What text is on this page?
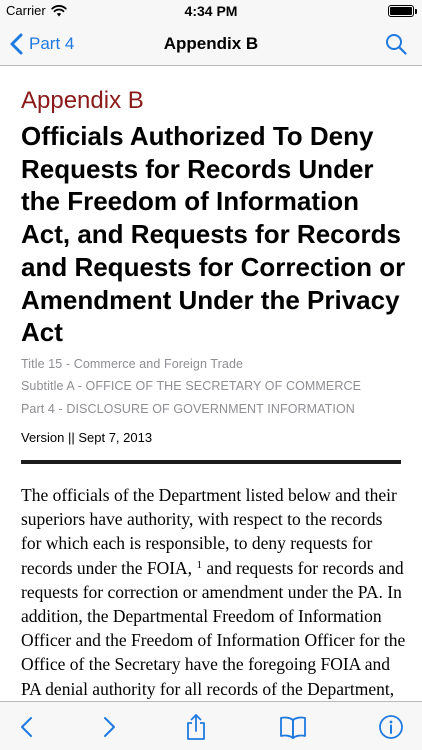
Carrier	4:34 PM
Part 4	Appendix B
Appendix B
Officials Authorized To Deny Requests for Records Under the Freedom of Information Act, and Requests for Records and Requests for Correction or Amendment Under the Privacy Act
Title 15 - Commerce and Foreign Trade
Subtitle A - OFFICE OF THE SECRETARY OF COMMERCE
Part 4 - DISCLOSURE OF GOVERNMENT INFORMATION
Version || Sept 7, 2013
The officials of the Department listed below and their superiors have authority, with respect to the records for which each is responsible, to deny requests for records under the FOIA, $^1$ and requests for records and requests for correction or amendment under the PA. In addition, the Departmental Freedom of Information Officer and the Freedom of Information Officer for the Office of the Secretary have the foregoing FOIA and PA denial authority for all records of the Department,
